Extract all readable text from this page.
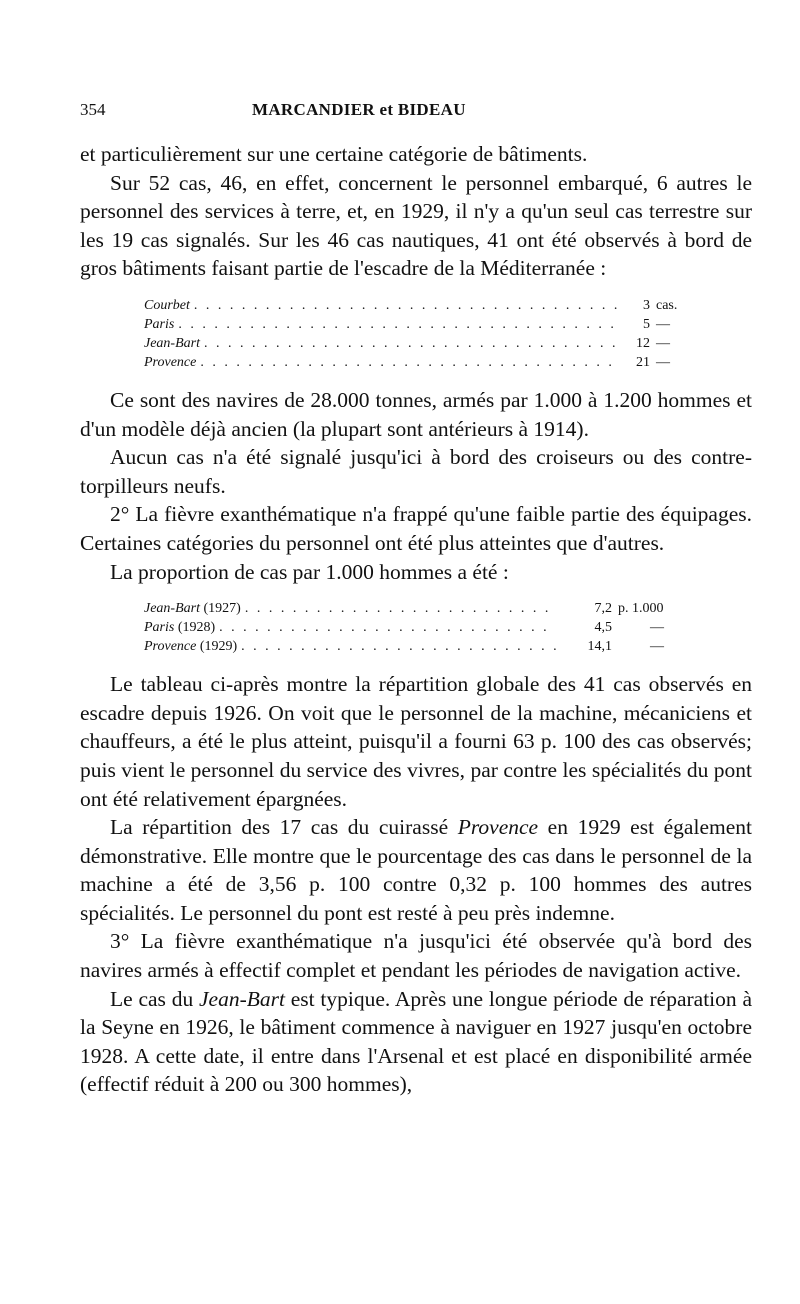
354	MARCANDIER et BIDEAU

et particulièrement sur une certaine catégorie de bâtiments.

Sur 52 cas, 46, en effet, concernent le personnel embarqué, 6 autres le personnel des services à terre, et, en 1929, il n'y a qu'un seul cas terrestre sur les 19 cas signalés. Sur les 46 cas nautiques, 41 ont été observés à bord de gros bâtiments faisant partie de l'escadre de la Méditerranée :

Courbet . . .	3 cas.
Paris . . .	5 —
Jean-Bart . . .	12 —
Provence . . .	21 —

Ce sont des navires de 28.000 tonnes, armés par 1.000 à 1.200 hommes et d'un modèle déjà ancien (la plupart sont antérieurs à 1914).

Aucun cas n'a été signalé jusqu'ici à bord des croiseurs ou des contre-torpilleurs neufs.

2° La fièvre exanthématique n'a frappé qu'une faible partie des équipages. Certaines catégories du personnel ont été plus atteintes que d'autres.

La proportion de cas par 1.000 hommes a été :

Jean-Bart (1927) . . .	7,2 p. 1.000
Paris (1928) . . .	4,5	—
Provence (1929) . . .	14,1	—

Le tableau ci-après montre la répartition globale des 41 cas observés en escadre depuis 1926. On voit que le personnel de la machine, mécaniciens et chauffeurs, a été le plus atteint, puisqu'il a fourni 63 p. 100 des cas observés; puis vient le personnel du service des vivres, par contre les spécialités du pont ont été relativement épargnées.

La répartition des 17 cas du cuirassé Provence en 1929 est également démonstrative. Elle montre que le pourcentage des cas dans le personnel de la machine a été de 3,56 p. 100 contre 0,32 p. 100 hommes des autres spécialités. Le personnel du pont est resté à peu près indemne.

3° La fièvre exanthématique n'a jusqu'ici été observée qu'à bord des navires armés à effectif complet et pendant les périodes de navigation active.

Le cas du Jean-Bart est typique. Après une longue période de réparation à la Seyne en 1926, le bâtiment commence à naviguer en 1927 jusqu'en octobre 1928. A cette date, il entre dans l'Arsenal et est placé en disponibilité armée (effectif réduit à 200 ou 300 hommes),
